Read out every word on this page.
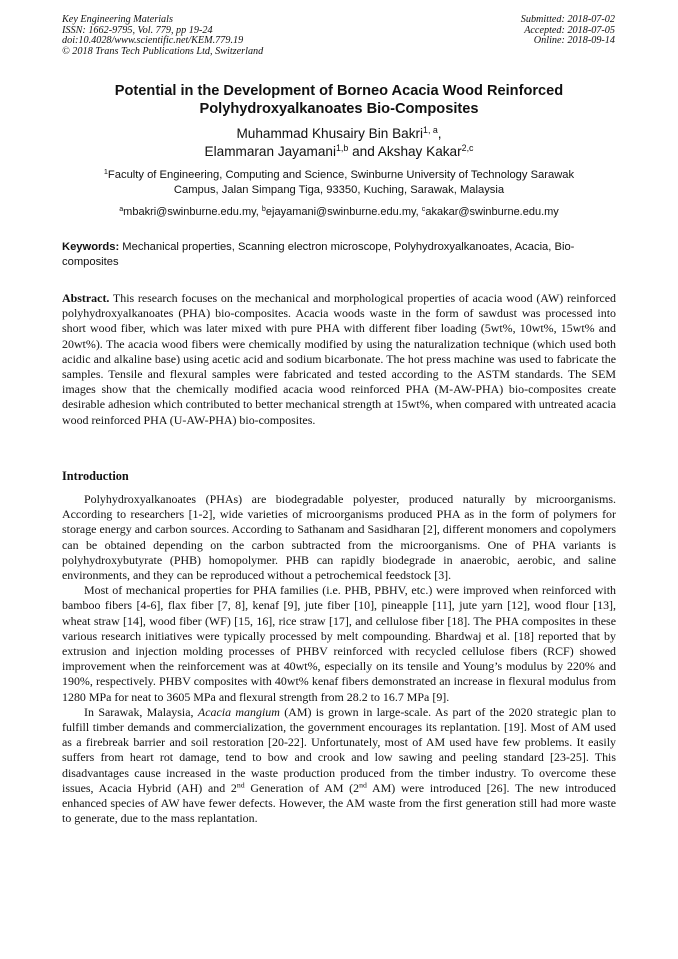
Key Engineering Materials
ISSN: 1662-9795, Vol. 779, pp 19-24
doi:10.4028/www.scientific.net/KEM.779.19
© 2018 Trans Tech Publications Ltd, Switzerland
Submitted: 2018-07-02
Accepted: 2018-07-05
Online: 2018-09-14
Potential in the Development of Borneo Acacia Wood Reinforced
Polyhydroxyalkanoates Bio-Composites
Muhammad Khusairy Bin Bakri$^{1, a}$,
Elammaran Jayamani$^{1,b}$ and Akshay Kakar$^{2,c}$
$^1$Faculty of Engineering, Computing and Science, Swinburne University of Technology Sarawak
Campus, Jalan Simpang Tiga, 93350, Kuching, Sarawak, Malaysia
$^a$mbakri@swinburne.edu.my, $^b$ejayamani@swinburne.edu.my, $^c$akakar@swinburne.edu.my
Keywords: Mechanical properties, Scanning electron microscope, Polyhydroxyalkanoates, Acacia, Bio-composites
Abstract. This research focuses on the mechanical and morphological properties of acacia wood (AW) reinforced polyhydroxyalkanoates (PHA) bio-composites. Acacia woods waste in the form of sawdust was processed into short wood fiber, which was later mixed with pure PHA with different fiber loading (5wt%, 10wt%, 15wt% and 20wt%). The acacia wood fibers were chemically modified by using the naturalization technique (which used both acidic and alkaline base) using acetic acid and sodium bicarbonate. The hot press machine was used to fabricate the samples. Tensile and flexural samples were fabricated and tested according to the ASTM standards. The SEM images show that the chemically modified acacia wood reinforced PHA (M-AW-PHA) bio-composites create desirable adhesion which contributed to better mechanical strength at 15wt%, when compared with untreated acacia wood reinforced PHA (U-AW-PHA) bio-composites.
Introduction

Polyhydroxyalkanoates (PHAs) are biodegradable polyester, produced naturally by microorganisms. According to researchers [1-2], wide varieties of microorganisms produced PHA as in the form of polymers for storage energy and carbon sources. According to Sathanam and Sasidharan [2], different monomers and copolymers can be obtained depending on the carbon subtracted from the microorganisms. One of PHA variants is polyhydroxybutyrate (PHB) homopolymer. PHB can rapidly biodegrade in anaerobic, aerobic, and saline environments, and they can be reproduced without a petrochemical feedstock [3].

Most of mechanical properties for PHA families (i.e. PHB, PBHV, etc.) were improved when reinforced with bamboo fibers [4-6], flax fiber [7, 8], kenaf [9], jute fiber [10], pineapple [11], jute yarn [12], wood flour [13], wheat straw [14], wood fiber (WF) [15, 16], rice straw [17], and cellulose fiber [18]. The PHA composites in these various research initiatives were typically processed by melt compounding. Bhardwaj et al. [18] reported that by extrusion and injection molding processes of PHBV reinforced with recycled cellulose fibers (RCF) showed improvement when the reinforcement was at 40wt%, especially on its tensile and Young’s modulus by 220% and 190%, respectively. PHBV composites with 40wt% kenaf fibers demonstrated an increase in flexural modulus from 1280 MPa for neat to 3605 MPa and flexural strength from 28.2 to 16.7 MPa [9].

In Sarawak, Malaysia, Acacia mangium (AM) is grown in large-scale. As part of the 2020 strategic plan to fulfill timber demands and commercialization, the government encourages its replantation. [19]. Most of AM used as a firebreak barrier and soil restoration [20-22]. Unfortunately, most of AM used have few problems. It easily suffers from heart rot damage, tend to bow and crook and low sawing and peeling standard [23-25]. This disadvantages cause increased in the waste production produced from the timber industry. To overcome these issues, Acacia Hybrid (AH) and 2nd Generation of AM (2nd AM) were introduced [26]. The new introduced enhanced species of AW have fewer defects. However, the AM waste from the first generation still had more waste to generate, due to the mass replantation.
